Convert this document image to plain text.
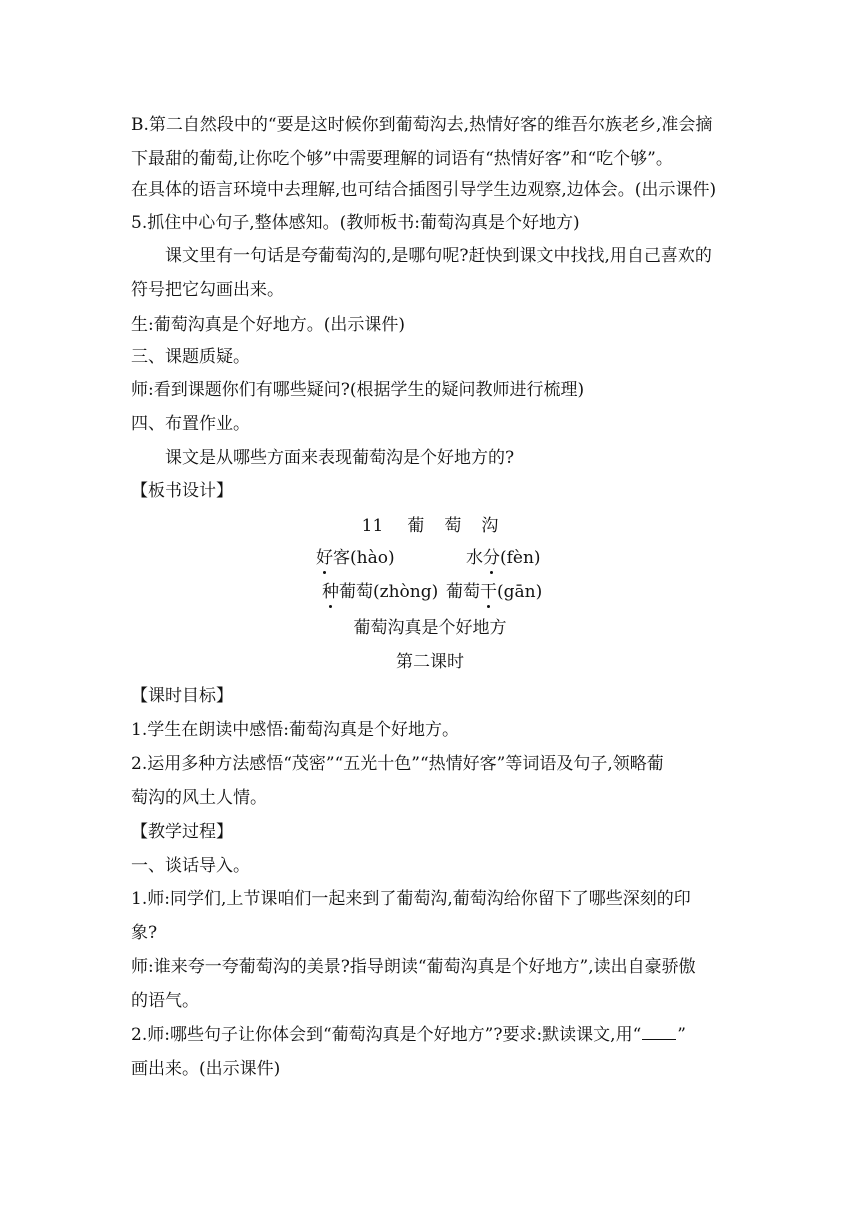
B.第二自然段中的“要是这时候你到葡萄沟去,热情好客的维吾尔族老乡,准会摘
下最甜的葡萄,让你吃个够”中需要理解的词语有“热情好客”和“吃个够”。
在具体的语言环境中去理解,也可结合插图引导学生边观察,边体会。(出示课件)
5.抓住中心句子,整体感知。(教师板书:葡萄沟真是个好地方)
课文里有一句话是夸葡萄沟的,是哪句呢?赶快到课文中找找,用自己喜欢的
符号把它勾画出来。
生:葡萄沟真是个好地方。(出示课件)
三、课题质疑。
师:看到课题你们有哪些疑问?(根据学生的疑问教师进行梳理)
四、布置作业。
课文是从哪些方面来表现葡萄沟是个好地方的?
【板书设计】
11 葡 萄 沟
好客(hào)	水分(fèn)
种葡萄(zhòng) 葡萄干(gān)
葡萄沟真是个好地方
第二课时
【课时目标】
1.学生在朗读中感悟:葡萄沟真是个好地方。
2.运用多种方法感悟“茂密”“五光十色”“热情好客”等词语及句子,领略葡
萄沟的风土人情。
【教学过程】
一、谈话导入。
1.师:同学们,上节课咱们一起来到了葡萄沟,葡萄沟给你留下了哪些深刻的印
象?
师:谁来夸一夸葡萄沟的美景?指导朗读“葡萄沟真是个好地方”,读出自豪骄傲
的语气。
2.师:哪些句子让你体会到“葡萄沟真是个好地方”?要求:默读课文,用“ ”
画出来。(出示课件)
